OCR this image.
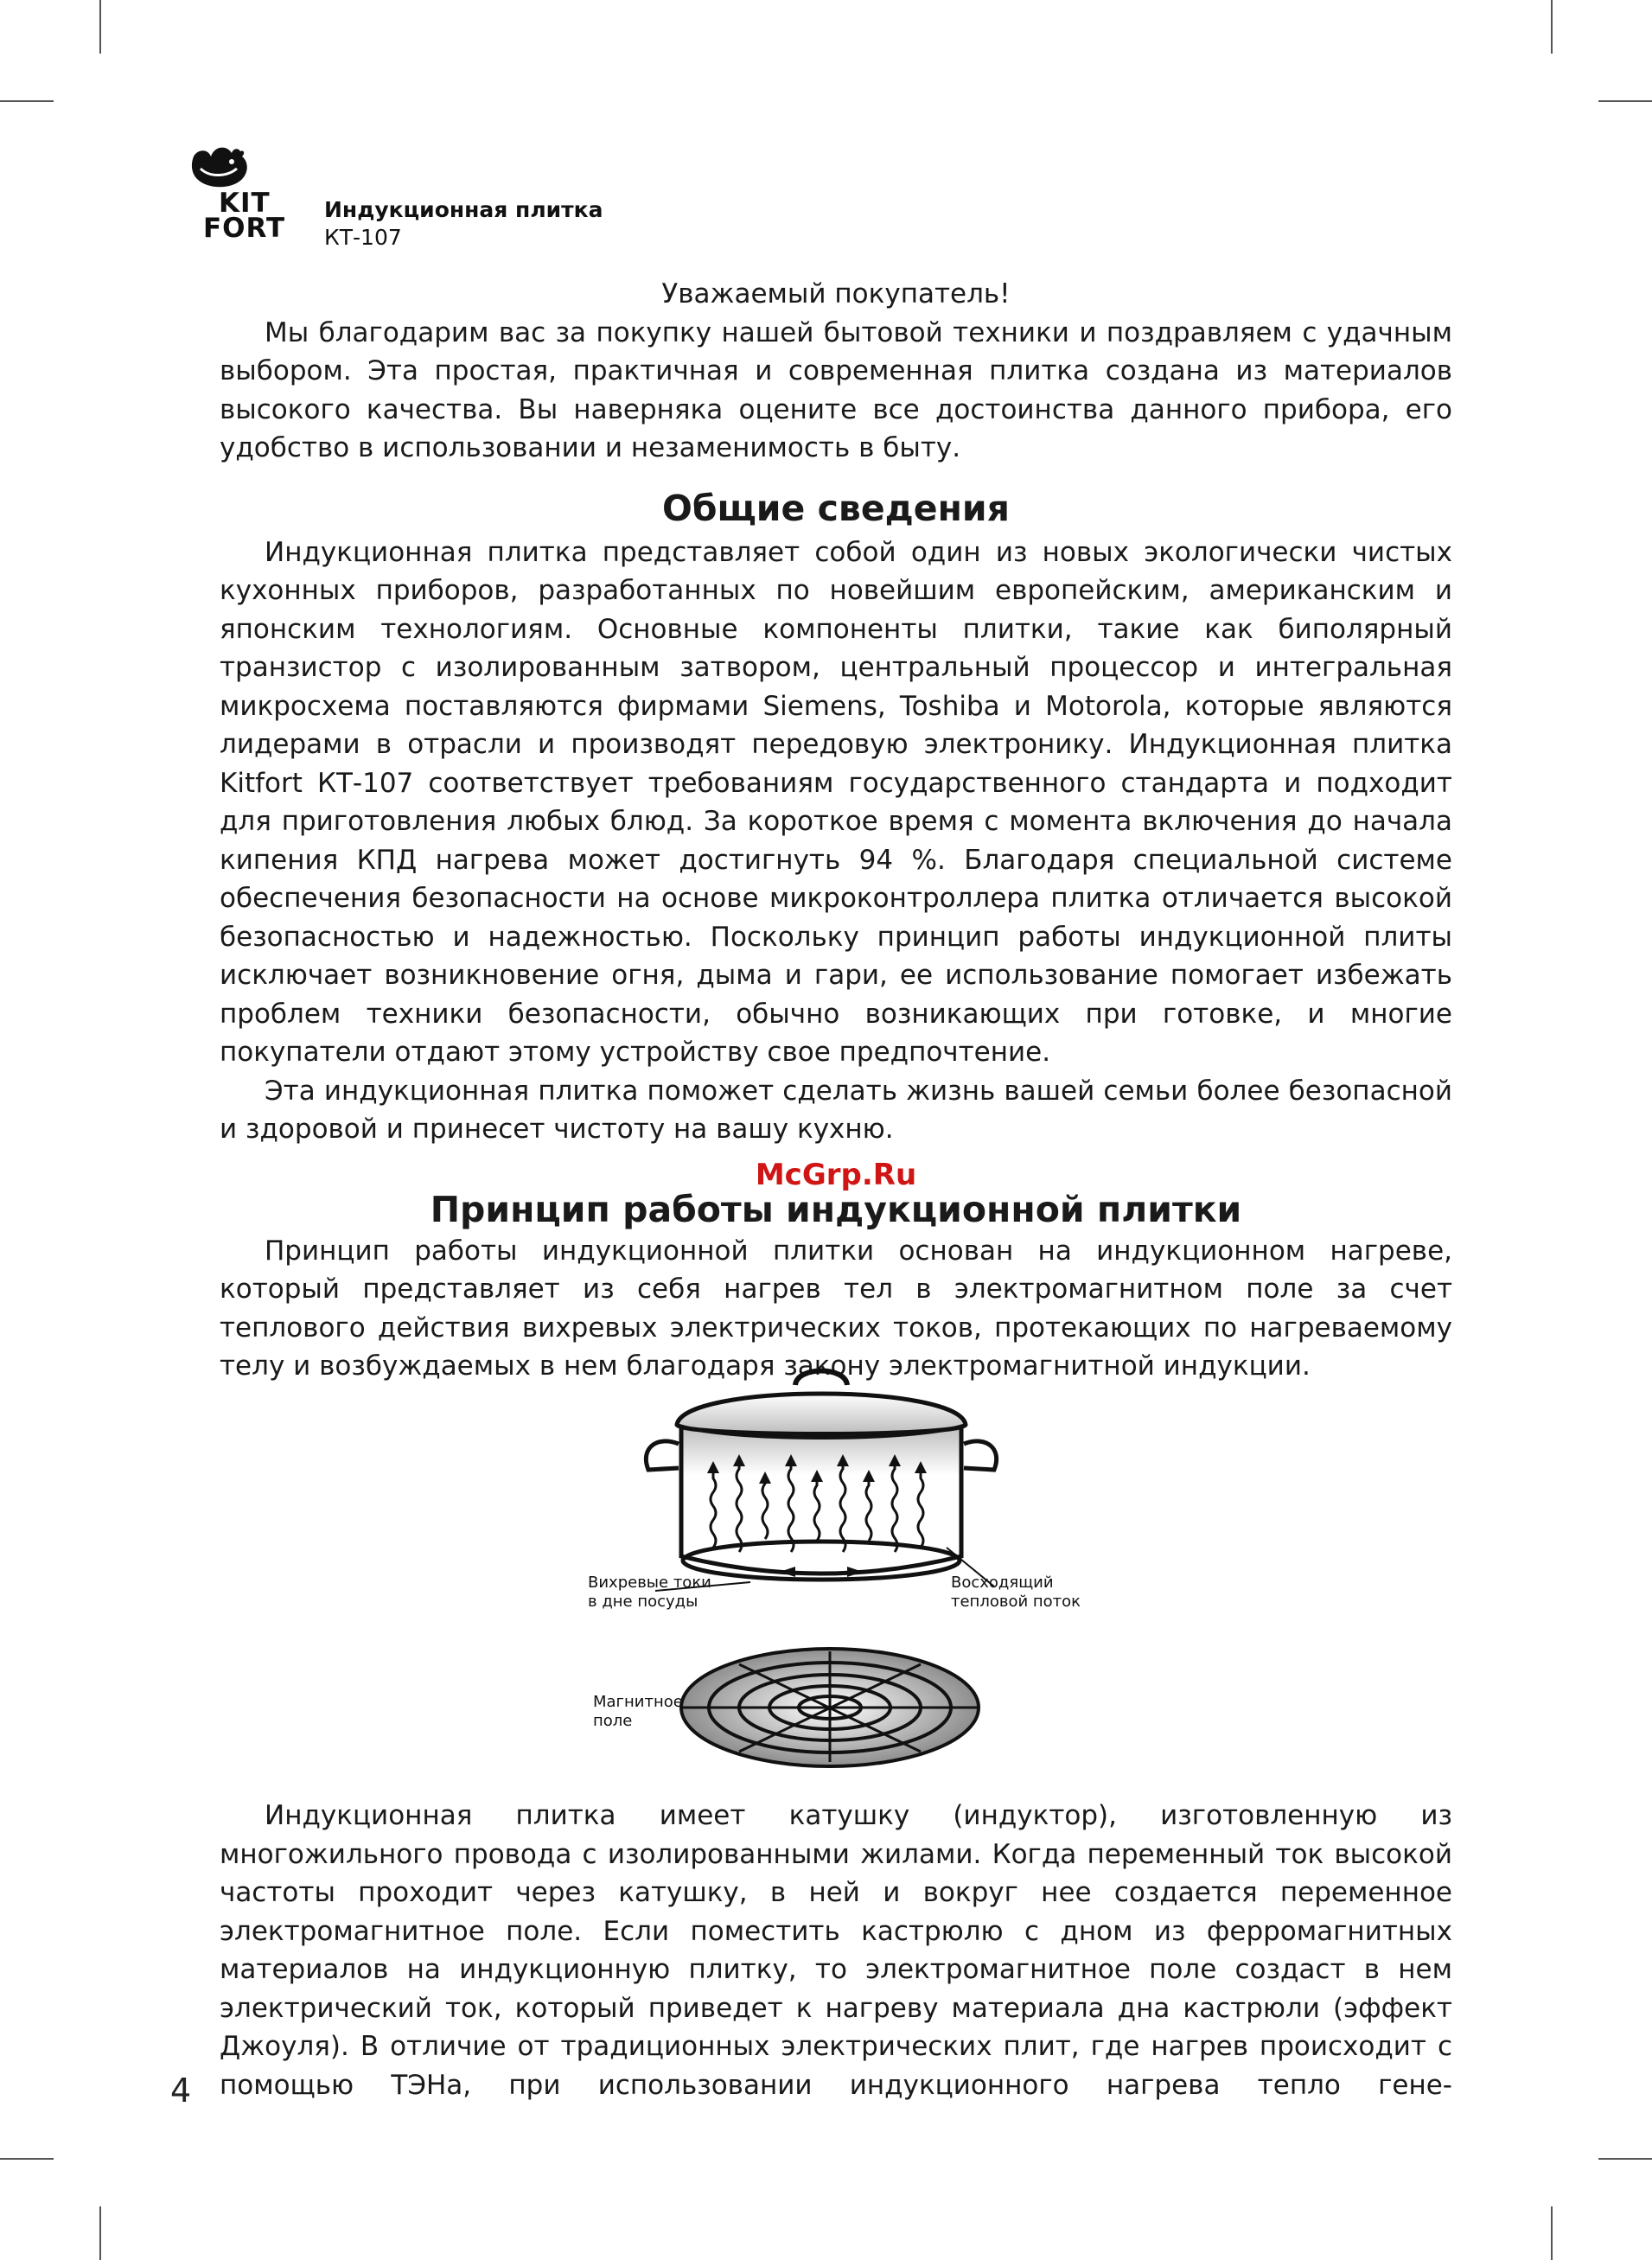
KIT
FORT
Индукционная плитка
КТ-107
Уважаемый покупатель!

Мы благодарим вас за покупку нашей бытовой техники и поздравляем с удачным выбором. Эта простая, практичная и современная плитка создана из материалов высокого качества. Вы наверняка оцените все достоинства данного прибора, его удобство в использовании и незаменимость в быту.

Общие сведения

Индукционная плитка представляет собой один из новых экологически чистых кухонных приборов, разработанных по новейшим европейским, американским и японским технологиям. Основные компоненты плитки, такие как биполярный транзистор с изолированным затвором, центральный процессор и интегральная микросхема поставляются фирмами Siemens, Toshiba и Motorola, которые являются лидерами в отрасли и производят передовую электронику. Индукционная плитка Kitfort КТ-107 соответствует требованиям государственного стандарта и подходит для приготовления любых блюд. За короткое время с момента включения до начала кипения КПД нагрева может достигнуть 94 %. Благодаря специальной системе обеспечения безопасности на основе микроконтроллера плитка отличается высокой безопасностью и надежностью. Поскольку принцип работы индукционной плиты исключает возникновение огня, дыма и гари, ее использование помогает избежать проблем техники безопасности, обычно возникающих при готовке, и многие покупатели отдают этому устройству свое предпочтение.

Эта индукционная плитка поможет сделать жизнь вашей семьи более безопасной и здоровой и принесет чистоту на вашу кухню.

McGrp.Ru
Принцип работы индукционной плитки

Принцип работы индукционной плитки основан на индукционном нагреве, который представляет из себя нагрев тел в электромагнитном поле за счет теплового действия вихревых электрических токов, протекающих по нагреваемому телу и возбуждаемых в нем благодаря закону электромагнитной индукции.

Вихревые токи
в дне посуды
Восходящий
тепловой поток
Магнитное
поле

Индукционная плитка имеет катушку (индуктор), изготовленную из многожильного провода с изолированными жилами. Когда переменный ток высокой частоты проходит через катушку, в ней и вокруг нее создается переменное электромагнитное поле. Если поместить кастрюлю с дном из ферромагнитных материалов на индукционную плитку, то электромагнитное поле создаст в нем электрический ток, который приведет к нагреву материала дна кастрюли (эффект Джоуля). В отличие от традиционных электрических плит, где нагрев происходит с помощью ТЭНа, при использовании индукционного нагрева тепло гене-

4
